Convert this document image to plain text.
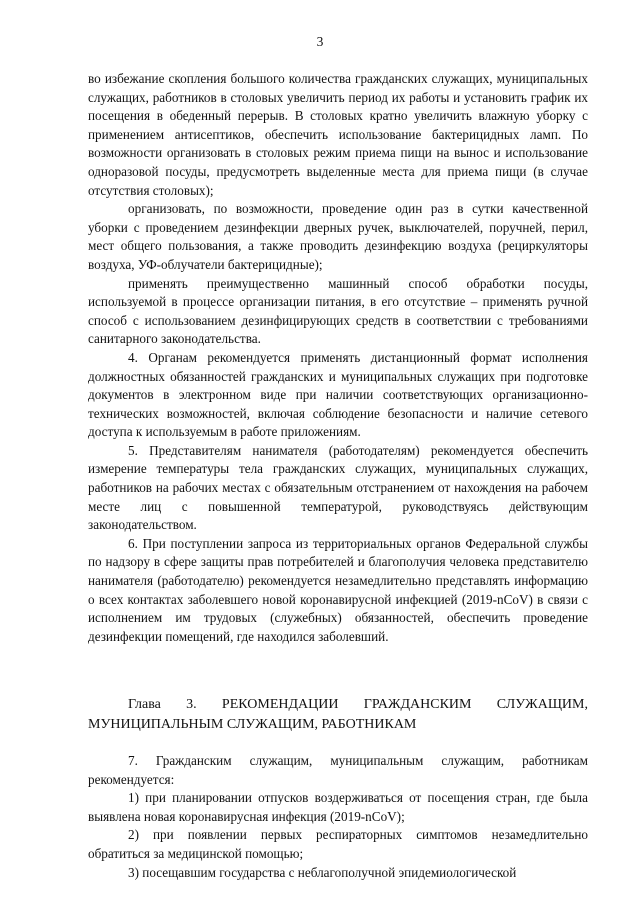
3

во избежание скопления большого количества гражданских служащих, муниципальных служащих, работников в столовых увеличить период их работы и установить график их посещения в обеденный перерыв. В столовых кратно увеличить влажную уборку с применением антисептиков, обеспечить использование бактерицидных ламп. По возможности организовать в столовых режим приема пищи на вынос и использование одноразовой посуды, предусмотреть выделенные места для приема пищи (в случае отсутствия столовых);

организовать, по возможности, проведение один раз в сутки качественной уборки с проведением дезинфекции дверных ручек, выключателей, поручней, перил, мест общего пользования, а также проводить дезинфекцию воздуха (рециркуляторы воздуха, УФ-облучатели бактерицидные);

применять преимущественно машинный способ обработки посуды, используемой в процессе организации питания, в его отсутствие – применять ручной способ с использованием дезинфицирующих средств в соответствии с требованиями санитарного законодательства.

4. Органам рекомендуется применять дистанционный формат исполнения должностных обязанностей гражданских и муниципальных служащих при подготовке документов в электронном виде при наличии соответствующих организационно-технических возможностей, включая соблюдение безопасности и наличие сетевого доступа к используемым в работе приложениям.

5. Представителям нанимателя (работодателям) рекомендуется обеспечить измерение температуры тела гражданских служащих, муниципальных служащих, работников на рабочих местах с обязательным отстранением от нахождения на рабочем месте лиц с повышенной температурой, руководствуясь действующим законодательством.

6. При поступлении запроса из территориальных органов Федеральной службы по надзору в сфере защиты прав потребителей и благополучия человека представителю нанимателя (работодателю) рекомендуется незамедлительно представлять информацию о всех контактах заболевшего новой коронавирусной инфекцией (2019-nCoV) в связи с исполнением им трудовых (служебных) обязанностей, обеспечить проведение дезинфекции помещений, где находился заболевший.

Глава 3. РЕКОМЕНДАЦИИ ГРАЖДАНСКИМ СЛУЖАЩИМ, МУНИЦИПАЛЬНЫМ СЛУЖАЩИМ, РАБОТНИКАМ

7. Гражданским служащим, муниципальным служащим, работникам рекомендуется:

1) при планировании отпусков воздерживаться от посещения стран, где была выявлена новая коронавирусная инфекция (2019-nCoV);

2) при появлении первых респираторных симптомов незамедлительно обратиться за медицинской помощью;

3) посещавшим государства с неблагополучной эпидемиологической
